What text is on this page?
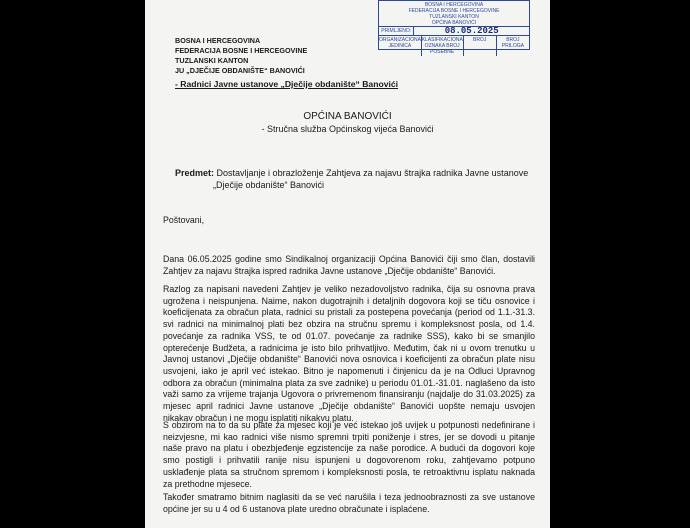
BOSNA I HERCEGOVINA
FEDERACIJA BOSNE I HERCEGOVINE
TUZLANSKI KANTON
JU „DJEČIJE OBDANIŠTE“ BANOVIĆI
- Radnici Javne ustanove „Dječije obdanište“ Banovići
BOSNA I HERCEGOVINA
FEDERACIJA BOSNE I HERCEGOVINE
TUZLANSKI KANTON
OPĆINA BANOVIĆI
PRIMLJENO:	08.05.2025
ORGANIZACIONA JEDINICA
KLASIFIKACIONA OZNAKA BROJ POSEBNE
BROJ	BROJ PRILOGA
OPĆINA BANOVIĆI
- Stručna služba Općinskog vijeća Banovići
Predmet: Dostavljanje i obrazloženje Zahtjeva za najavu štrajka radnika Javne ustanove
„Dječije obdanište“ Banovići
Poštovani,
Dana 06.05.2025 godine smo Sindikalnoj organizaciji Općina Banovići čiji smo član, dostavili Zahtjev za najavu štrajka ispred radnika Javne ustanove „Dječije obdanište“ Banovići.
Razlog za napisani navedeni Zahtjev je veliko nezadovoljstvo radnika, čija su osnovna prava ugrožena i neispunjena. Naime, nakon dugotrajnih i detaljnih dogovora koji se tiču osnovice i koeficijenata za obračun plata, radnici su pristali za postepena povećanja (period od 1.1.-31.3. svi radnici na minimalnoj plati bez obzira na stručnu spremu i kompleksnost posla, od 1.4. povećanje za radnika VSS, te od 01.07. povećanje za radnike SSS), kako bi se smanjilo opterećenje Budžeta, a radnicima je isto bilo prihvatljivo. Međutim, čak ni u ovom trenutku u Javnoj ustanovi „Dječije obdanište“ Banovići nova osnovica i koeficijenti za obračun plate nisu usvojeni, iako je april već istekao. Bitno je napomenuti i činjenicu da je na Odluci Upravnog odbora za obračun (minimalna plata za sve zadnike) u periodu 01.01.-31.01. naglašeno da isto važi samo za vrijeme trajanja Ugovora o privremenom finansiranju (najdalje do 31.03.2025) za mjesec april radnici Javne ustanove „Dječije obdanište“ Banovići uopšte nemaju usvojen nikakav obračun i ne mogu isplatiti nikakvu platu.
S obzirom na to da su plate za mjesec koji je već istekao još uvijek u potpunosti nedefinirane i neizvjesne, mi kao radnici više nismo spremni trpiti poniženje i stres, jer se dovodi u pitanje naše pravo na platu i obezbjeđenje egzistencije za naše porodice. A budući da dogovori koje smo postigli i prihvatili ranije nisu ispunjeni u dogovorenom roku, zahtjevamo potpuno usklađenje plata sa stručnom spremom i kompleksnosti posla, te retroaktivnu isplatu naknada za prethodne mjesece.
Također smatramo bitnim naglasiti da se već narušila i teza jednoobraznosti za sve ustanove općine jer su u 4 od 6 ustanova plate uredno obračunate i isplaćene.
